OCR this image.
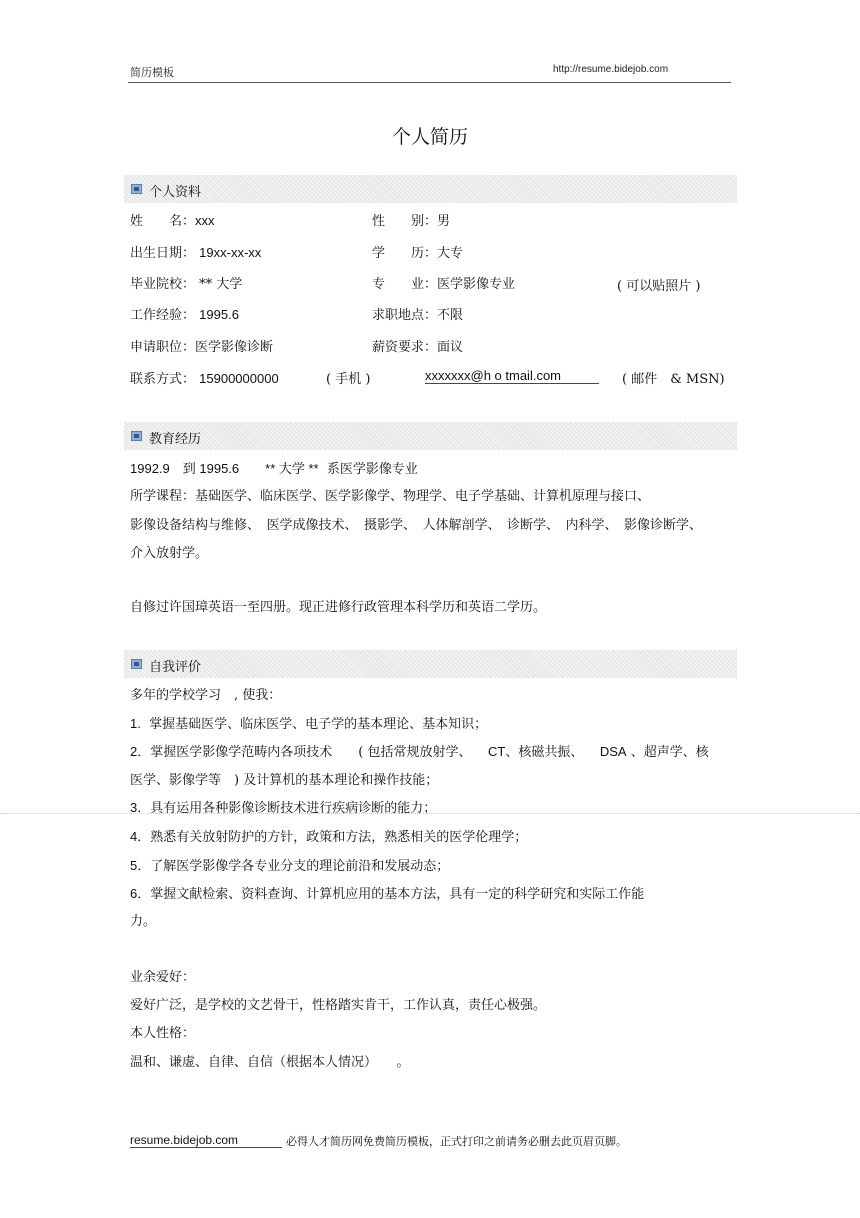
简历模板	http://resume.bidejob.com
个人简历
个人资料
姓　　名：xxx	性　　别：男
出生日期： 19xx-xx-xx	学　　历：大专
毕业院校： ** 大学	专　　业：医学影像专业	( 可以贴照片 )
工作经验： 1995.6	求职地点：不限
申请职位：医学影像诊断	薪资要求：面议
联系方式： 15900000000	( 手机 )	xxxxxxx@h o tmail.com	( 邮件　& MSN)
教育经历
1992.9　到 1995.6　　** 大学 ** 系医学影像专业
所学课程：基础医学、临床医学、医学影像学、物理学、电子学基础、计算机原理与接口、
影像设备结构与维修、　医学成像技术、　摄影学、　人体解剖学、　诊断学、　内科学、　影像诊断学、
介入放射学。
自修过许国璋英语一至四册。现正进修行政管理本科学历和英语二学历。
自我评价
多年的学校学习　, 使我：
1. 掌握基础医学、临床医学、电子学的基本理论、基本知识；
2．掌握医学影像学范畴内各项技术　　( 包括常规放射学、 CT、核磁共振、 DSA 、超声学、核
医学、影像学等　) 及计算机的基本理论和操作技能；
3．具有运用各种影像诊断技术进行疾病诊断的能力；
4．熟悉有关放射防护的方针，政策和方法，熟悉相关的医学伦理学；
5．了解医学影像学各专业分支的理论前沿和发展动态；
6．掌握文献检索、资料查询、计算机应用的基本方法，具有一定的科学研究和实际工作能
力。
业余爱好：
爱好广泛，是学校的文艺骨干，性格踏实肯干，工作认真，责任心极强。
本人性格：
温和、谦虚、自律、自信（根据本人情况）　　。
resume.bidejob.com	必得人才简历网免费简历模板，正式打印之前请务必删去此页眉页脚。
